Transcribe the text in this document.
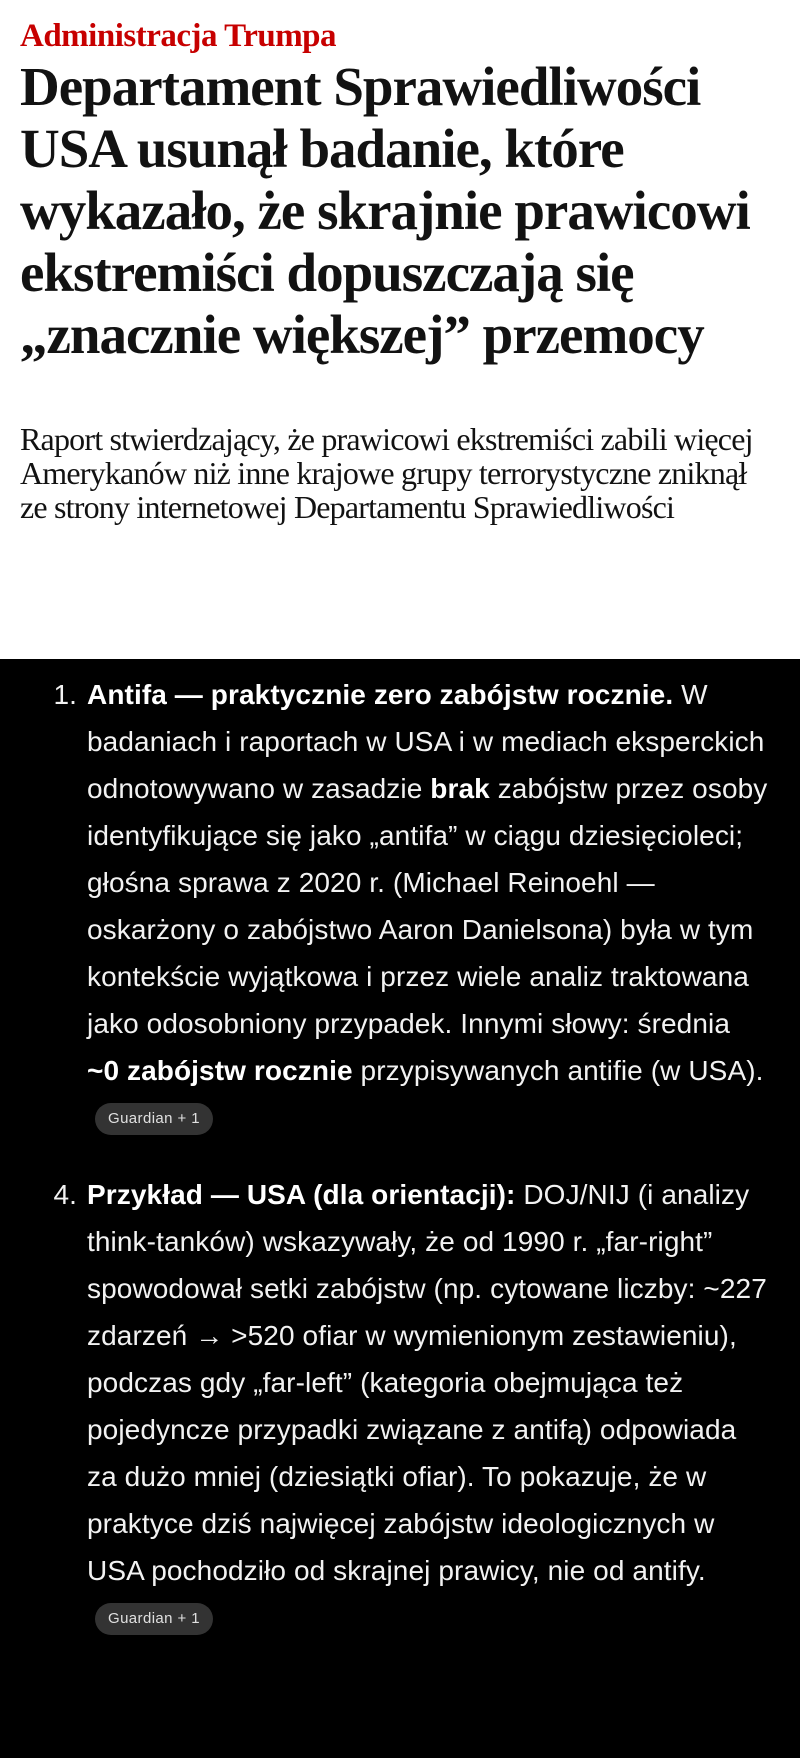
Administracja Trumpa
Departament Sprawiedliwości USA usunął badanie, które wykazało, że skrajnie prawicowi ekstremiści dopuszczają się „znacznie większej” przemocy

Raport stwierdzający, że prawicowi ekstremiści zabili więcej Amerykanów niż inne krajowe grupy terrorystyczne zniknął ze strony internetowej Departamentu Sprawiedliwości

1. Antifa — praktycznie zero zabójstw rocznie. W badaniach i raportach w USA i w mediach eksperckich odnotowywano w zasadzie brak zabójstw przez osoby identyfikujące się jako „antifa” w ciągu dziesięcioleci; głośna sprawa z 2020 r. (Michael Reinoehl — oskarżony o zabójstwo Aaron Danielsona) była w tym kontekście wyjątkowa i przez wiele analiz traktowana jako odosobniony przypadek. Innymi słowy: średnia ~0 zabójstw rocznie przypisywanych antifie (w USA).Guardian + 1
4. Przykład — USA (dla orientacji): DOJ/NIJ (i analizy think-tanków) wskazywały, że od 1990 r. „far-right” spowodował setki zabójstw (np. cytowane liczby: ~227 zdarzeń → >520 ofiar w wymienionym zestawieniu), podczas gdy „far-left” (kategoria obejmująca też pojedyncze przypadki związane z antifą) odpowiada za dużo mniej (dziesiątki ofiar). To pokazuje, że w praktyce dziś najwięcej zabójstw ideologicznych w USA pochodziło od skrajnej prawicy, nie od antify.Guardian + 1
